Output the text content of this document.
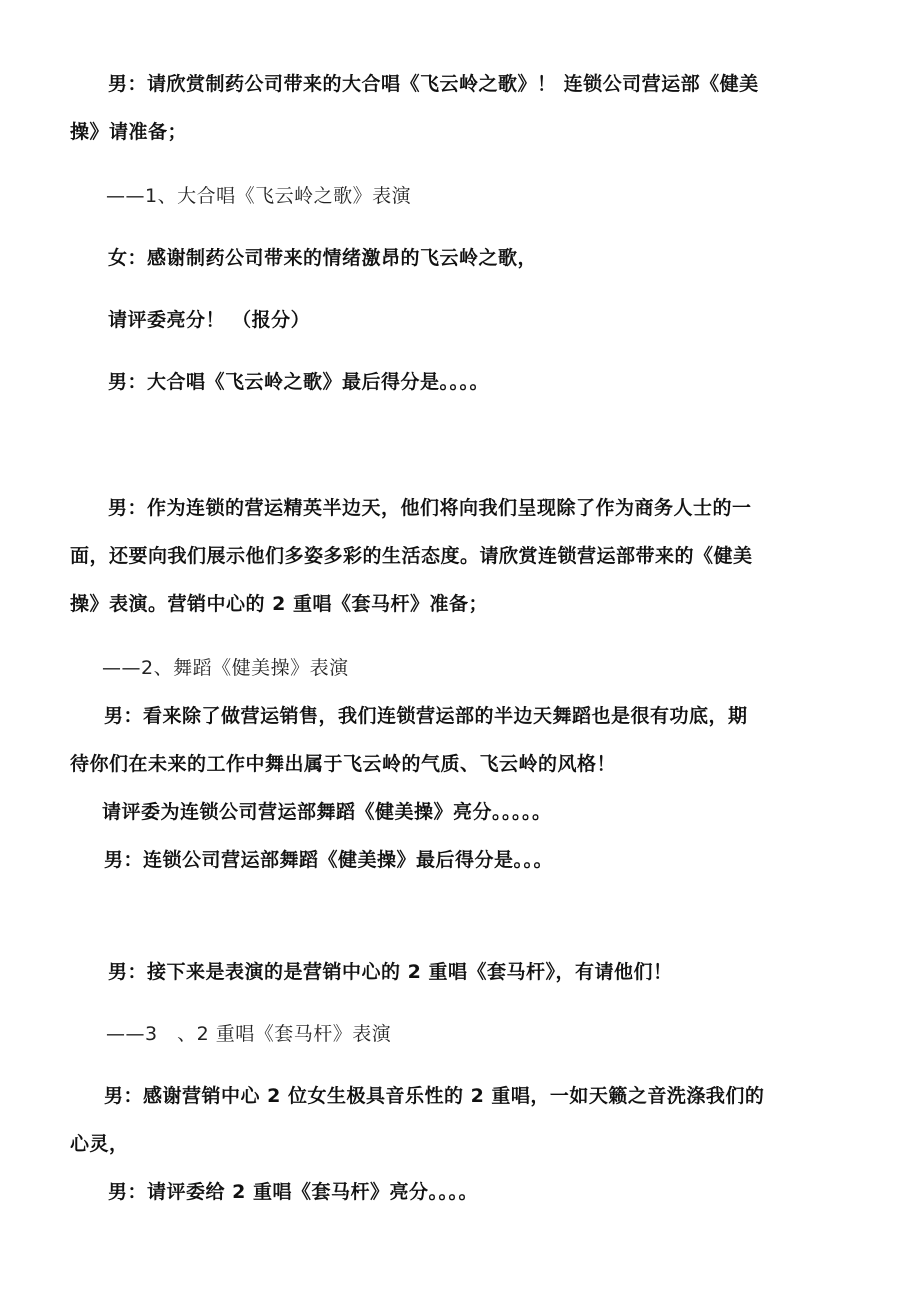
男：请欣赏制药公司带来的大合唱《飞云岭之歌》！ 连锁公司营运部《健美
操》请准备；
——1、大合唱《飞云岭之歌》表演
女：感谢制药公司带来的情绪激昂的飞云岭之歌，
请评委亮分！ （报分）
男：大合唱《飞云岭之歌》最后得分是。。。。
男：作为连锁的营运精英半边天，他们将向我们呈现除了作为商务人士的一
面，还要向我们展示他们多姿多彩的生活态度。请欣赏连锁营运部带来的《健美
操》表演。营销中心的 2 重唱《套马杆》准备；
——2、舞蹈《健美操》表演
男：看来除了做营运销售，我们连锁营运部的半边天舞蹈也是很有功底，期
待你们在未来的工作中舞出属于飞云岭的气质、飞云岭的风格！
请评委为连锁公司营运部舞蹈《健美操》亮分。。。。。
男：连锁公司营运部舞蹈《健美操》最后得分是。。。
男：接下来是表演的是营销中心的 2 重唱《套马杆》，有请他们！
——3　、2 重唱《套马杆》表演
男：感谢营销中心 2 位女生极具音乐性的 2 重唱，一如天籁之音洗涤我们的
心灵，
男：请评委给 2 重唱《套马杆》亮分。。。。
